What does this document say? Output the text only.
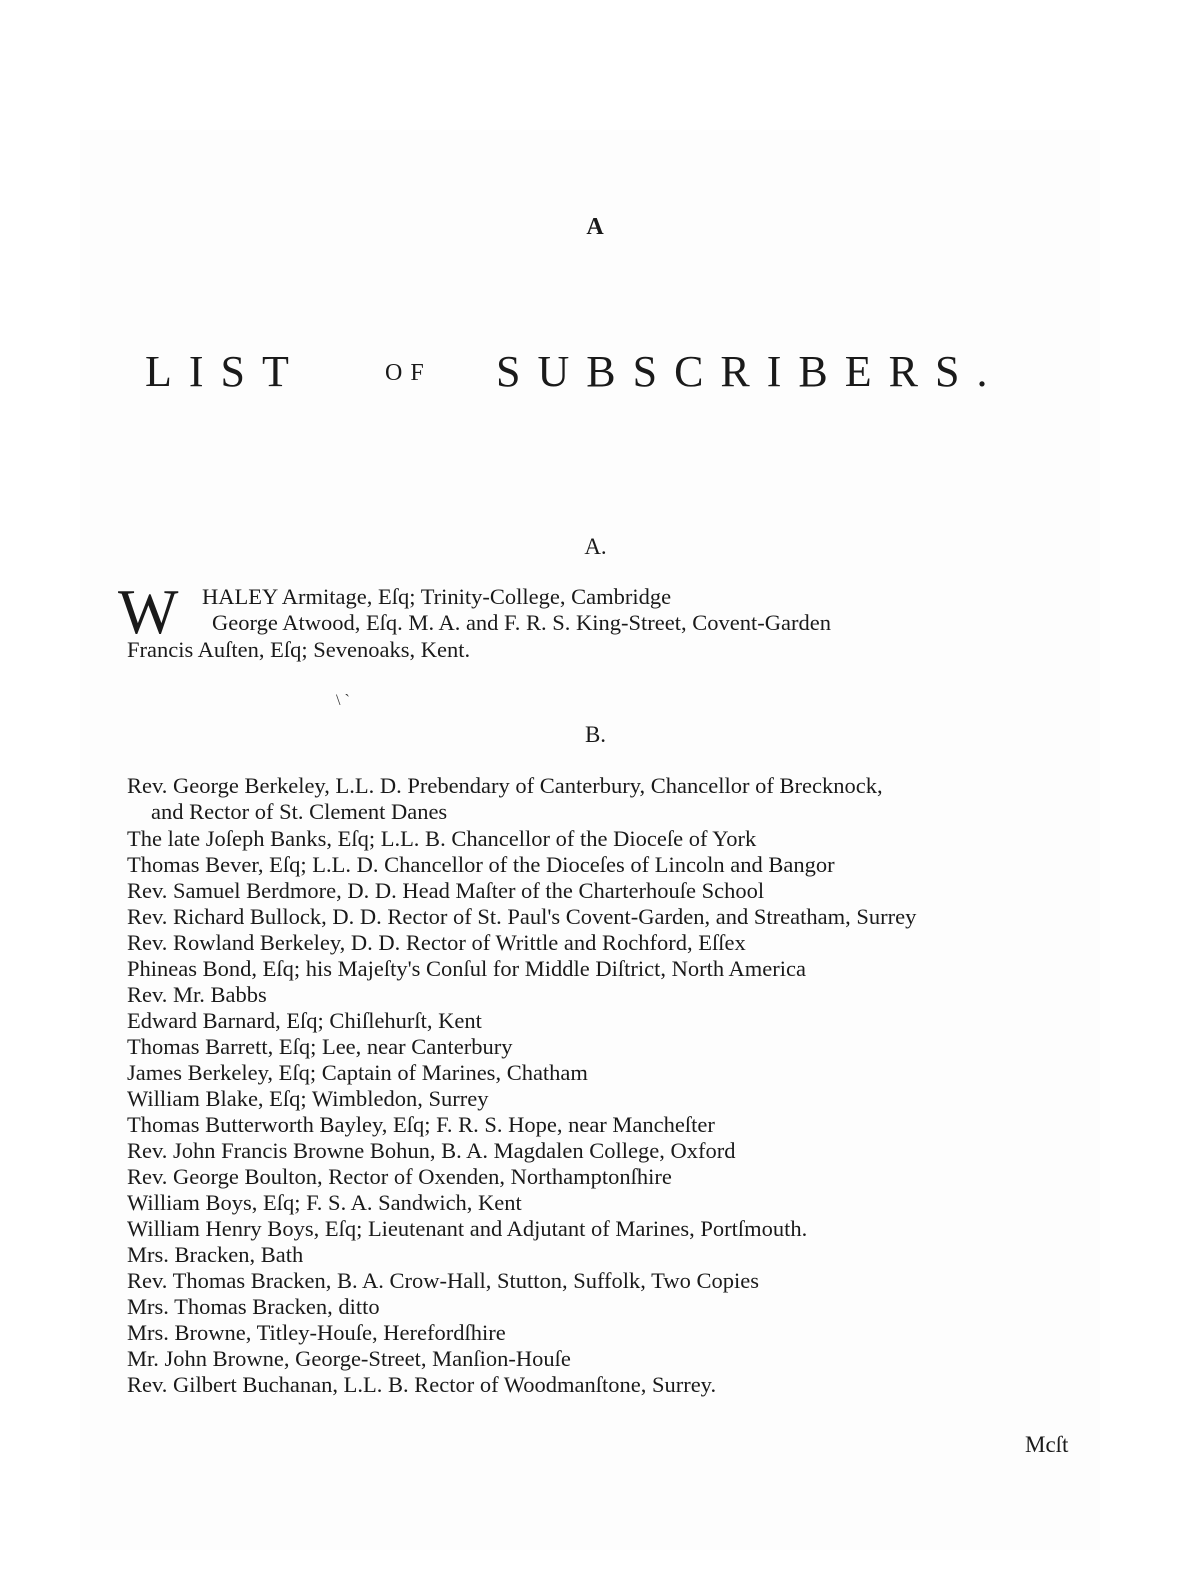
A
LIST	OF SUBSCRIBERS.
A.
W HALEY Armitage, Eſq; Trinity-College, Cambridge
George Atwood, Eſq. M. A. and F. R. S. King-Street, Covent-Garden
Francis Auſten, Eſq; Sevenoaks, Kent.
\ `
B.
Rev. George Berkeley, L.L. D. Prebendary of Canterbury, Chancellor of Brecknock,
and Rector of St. Clement Danes
The late Joſeph Banks, Eſq; L.L. B. Chancellor of the Dioceſe of York
Thomas Bever, Eſq; L.L. D. Chancellor of the Dioceſes of Lincoln and Bangor
Rev. Samuel Berdmore, D. D. Head Maſter of the Charterhouſe School
Rev. Richard Bullock, D. D. Rector of St. Paul's Covent-Garden, and Streatham, Surrey
Rev. Rowland Berkeley, D. D. Rector of Writtle and Rochford, Eſſex
Phineas Bond, Eſq; his Majeſty's Conſul for Middle Diſtrict, North America
Rev. Mr. Babbs
Edward Barnard, Eſq; Chiſlehurſt, Kent
Thomas Barrett, Eſq; Lee, near Canterbury
James Berkeley, Eſq; Captain of Marines, Chatham
William Blake, Eſq; Wimbledon, Surrey
Thomas Butterworth Bayley, Eſq; F. R. S. Hope, near Mancheſter
Rev. John Francis Browne Bohun, B. A. Magdalen College, Oxford
Rev. George Boulton, Rector of Oxenden, Northamptonſhire
William Boys, Eſq; F. S. A. Sandwich, Kent
William Henry Boys, Eſq; Lieutenant and Adjutant of Marines, Portſmouth.
Mrs. Bracken, Bath
Rev. Thomas Bracken, B. A. Crow-Hall, Stutton, Suffolk, Two Copies
Mrs. Thomas Bracken, ditto
Mrs. Browne, Titley-Houſe, Herefordſhire
Mr. John Browne, George-Street, Manſion-Houſe
Rev. Gilbert Buchanan, L.L. B. Rector of Woodmanſtone, Surrey.
Mcſt
